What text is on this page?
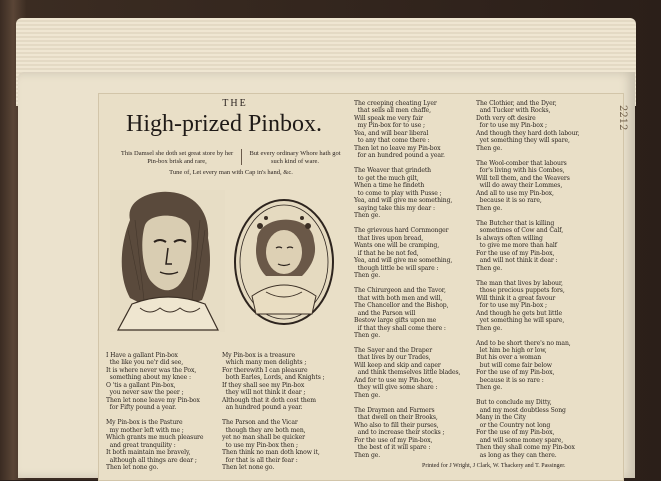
2212
THE
High-prized Pinbox.
This Damsel she doth set great store by her Pin-box brisk and rare,
But every ordinary Whore hath got such kind of ware.
Tune of, Let every man with Cap in's hand, &c.
I Have a gallant Pin-box
the like you ne'r did see,
It is where never was the Pox,
something about my knee :
O 'tis a gallant Pin-box,
you never saw the peer ;
Then let none leave my Pin-box
for Fifty pound a year.

My Pin-box is the Pasture
my mother left with me ;
Which grants me much pleasure
and great tranquility :
It both maintain me bravely,
although all things are dear ;
Then let none go.
My Pin-box is a treasure
which many men delights ;
For therewith I can pleasure
both Earles, Lords, and Knights ;
If they shall see my Pin-box
they will not think it dear ;
Although that it doth cost them
an hundred pound a year.

The Parson and the Vicar
though they are both men,
yet no man shall be quicker
to use my Pin-box then ;
Then think no man doth know it,
for that is all their fear :
Then let none go.
The creeping cheating Lyer
that sells all men chaffe,
Will speak me very fair
my Pin-box for to use ;
Yea, and will bear liberal
to any that come there :
Then let no leave my Pin-box
for an hundred pound a year.

The Weaver that grindeth
to get the much gilt,
When a time he findeth
to come to play with Pusse ;
Yea, and will give me something,
saying take this my dear :
Then ge.

The grievous hard Cornmonger
that lives upon bread,
Wants one will be cramping,
if that he be not fed,
Yea, and will give me something,
though little be will spare :
Then ge.

The Chirurgeon and the Tavor,
that with both men and will,
The Chancellor and the Bishop,
and the Parson will
Bestow large gifts upon me
if that they shall come there :
Then ge.

The Sayer and the Draper
that lives by our Trades,
Will keep and skip and caper
and think themselves little blades,
And for to use my Pin-box,
they will give some share :
Then ge.

The Draymen and Farmers
that dwell on their Brooks,
Who also to fill their purses,
and to increase their stocks ;
For the use of my Pin-box,
the best of it will spare :
Then ge.
The Clothier, and the Dyer,
and Tucker with Rocks,
Doth very oft desire
for to use my Pin-box ;
And though they hard doth labour,
yet something they will spare,
Then ge.

The Wool-comber that labours
for's living with his Combes,
Will tell them, and the Weavers
will do away their Lommes,
And all to use my Pin-box,
because it is so rare,
Then ge.

The Butcher that is killing
sometimes of Cow and Calf,
Is always often willing
to give me more than half
For the use of my Pin-box,
and will not think it dear :
Then ge.

The man that lives by labour,
those precious puppets fors,
Will think it a great favour
for to use my Pin-box ;
And though he gets but little
yet something he will spare,
Then ge.

And to be short there's no man,
let him be high or low,
But his over a woman
but will come fair below
For the use of my Pin-box,
because it is so rare :
Then ge.

But to conclude my Ditty,
and my most doubtless Song
Many in the City
or the Country not long
For the use of my Pin-box,
and will some money spare,
Then they shall come my Pin-box
as long as they can there.
Printed for J Wright, J Clark, W. Thackery and T. Passinger.
